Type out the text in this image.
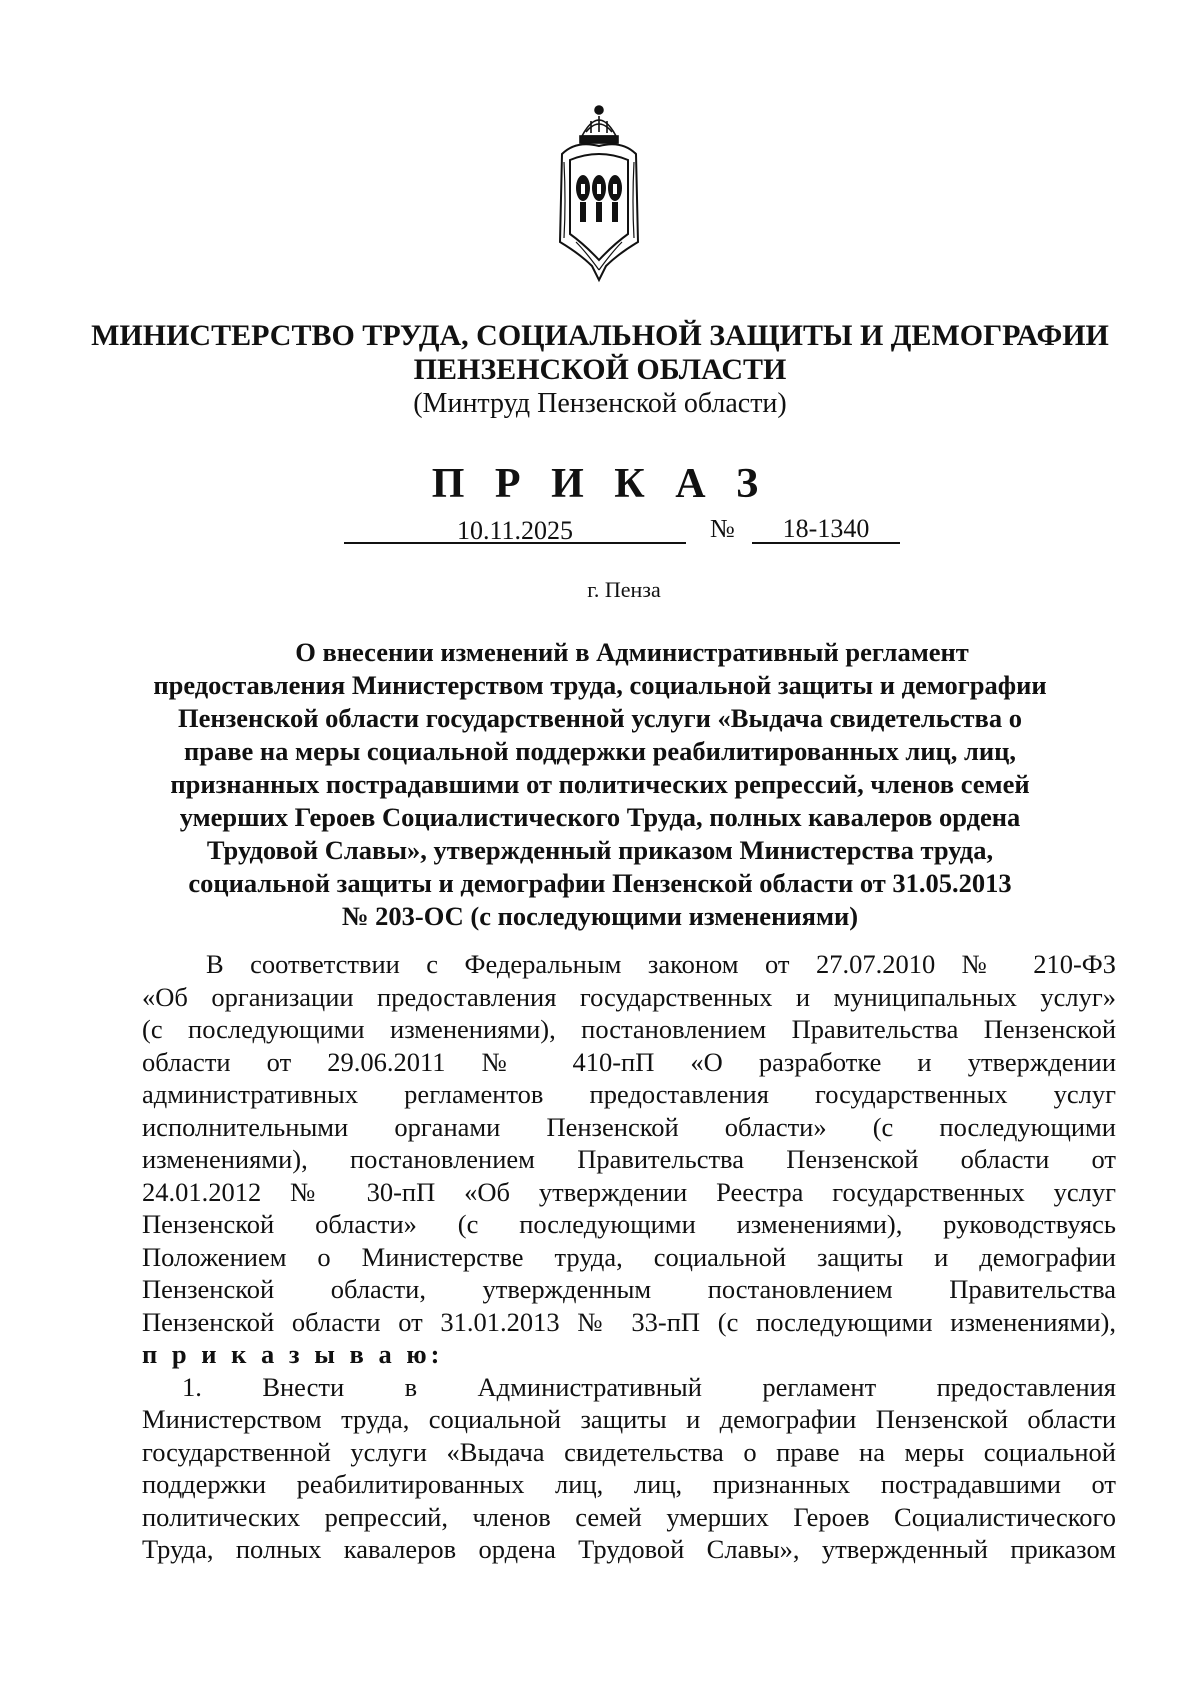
МИНИСТЕРСТВО ТРУДА, СОЦИАЛЬНОЙ ЗАЩИТЫ И ДЕМОГРАФИИ
ПЕНЗЕНСКОЙ ОБЛАСТИ
(Минтруд Пензенской области)
П Р И К А З
10.11.2025	№	18-1340
г. Пенза
О внесении изменений в Административный регламент
предоставления Министерством труда, социальной защиты и демографии
Пензенской области государственной услуги «Выдача свидетельства о
праве на меры социальной поддержки реабилитированных лиц, лиц,
признанных пострадавшими от политических репрессий, членов семей
умерших Героев Социалистического Труда, полных кавалеров ордена
Трудовой Славы», утвержденный приказом Министерства труда,
социальной защиты и демографии Пензенской области от 31.05.2013
№ 203-ОС (с последующими изменениями)
В соответствии с Федеральным законом от 27.07.2010 № 210-ФЗ
«Об организации предоставления государственных и муниципальных услуг»
(с последующими изменениями), постановлением Правительства Пензенской
области от 29.06.2011 № 410-пП «О разработке и утверждении
административных регламентов предоставления государственных услуг
исполнительными органами Пензенской области» (с последующими
изменениями), постановлением Правительства Пензенской области от
24.01.2012 № 30-пП «Об утверждении Реестра государственных услуг
Пензенской области» (с последующими изменениями), руководствуясь
Положением о Министерстве труда, социальной защиты и демографии
Пензенской области, утвержденным постановлением Правительства
Пензенской области от 31.01.2013 № 33-пП (с последующими изменениями),
п р и к а з ы в а ю:
1. Внести в Административный регламент предоставления
Министерством труда, социальной защиты и демографии Пензенской области
государственной услуги «Выдача свидетельства о праве на меры социальной
поддержки реабилитированных лиц, лиц, признанных пострадавшими от
политических репрессий, членов семей умерших Героев Социалистического
Труда, полных кавалеров ордена Трудовой Славы», утвержденный приказом
